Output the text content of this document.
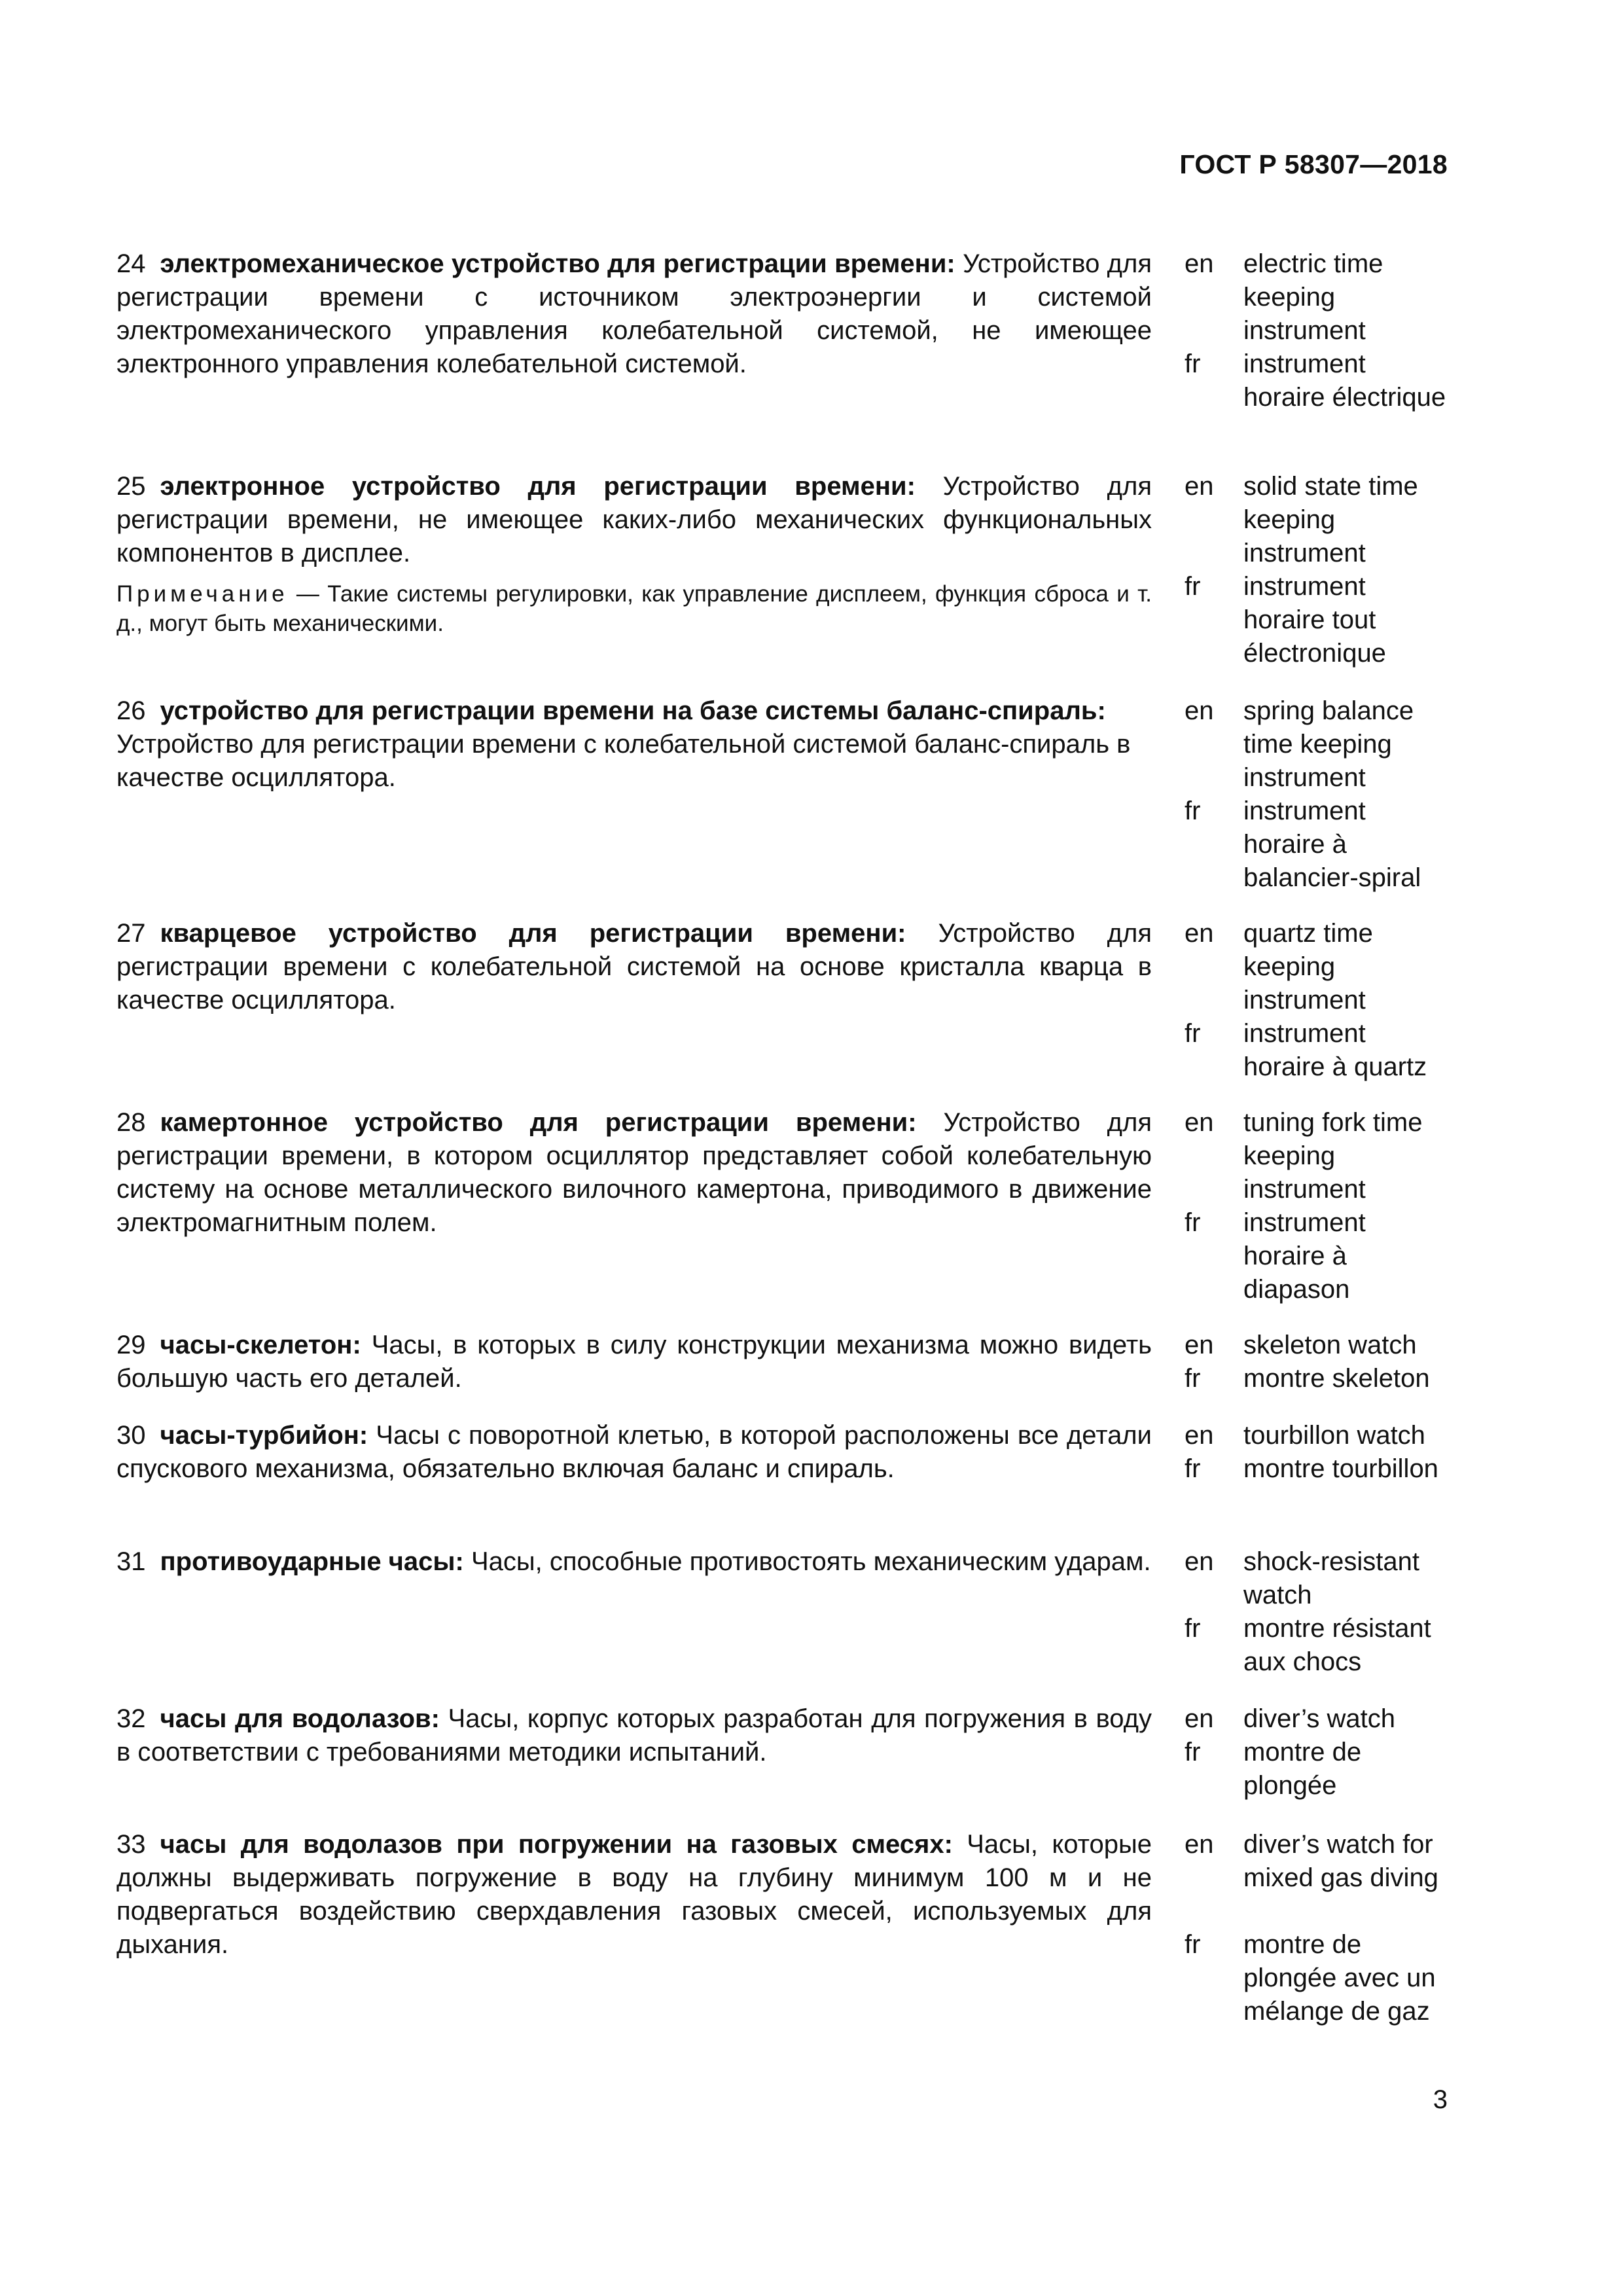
ГОСТ Р 58307—2018
24 электромеханическое устройство для регистрации времени: Устройство для регистрации времени с источником электроэнергии и системой электромеханического управления колебательной системой, не имеющее электронного управления колебательной системой.
en electric time keeping instrument
fr instrument horaire électrique
25 электронное устройство для регистрации времени: Устройство для регистрации времени, не имеющее каких-либо механических функциональных компонентов в дисплее.
Примечание — Такие системы регулировки, как управление дисплеем, функция сброса и т. д., могут быть механическими.
en solid state time keeping instrument
fr instrument horaire tout électronique
26 устройство для регистрации времени на базе системы баланс-спираль: Устройство для регистрации времени с колебательной системой баланс-спираль в качестве осциллятора.
en spring balance time keeping instrument
fr instrument horaire à balancier-spiral
27 кварцевое устройство для регистрации времени: Устройство для регистрации времени с колебательной системой на основе кристалла кварца в качестве осциллятора.
en quartz time keeping instrument
fr instrument horaire à quartz
28 камертонное устройство для регистрации времени: Устройство для регистрации времени, в котором осциллятор представляет собой колебательную систему на основе металлического вилочного камертона, приводимого в движение электромагнитным полем.
en tuning fork time keeping instrument
fr instrument horaire à diapason
29 часы-скелетон: Часы, в которых в силу конструкции механизма можно видеть большую часть его деталей.
en skeleton watch
fr montre skeleton
30 часы-турбийон: Часы с поворотной клетью, в которой расположены все детали спускового механизма, обязательно включая баланс и спираль.
en tourbillon watch
fr montre tourbillon
31 противоударные часы: Часы, способные противостоять механическим ударам. en shock-resistant watch
fr montre résistant aux chocs
32 часы для водолазов: Часы, корпус которых разработан для погружения в воду в соответствии с требованиями методики испытаний.
en diver’s watch
fr montre de plongée
33 часы для водолазов при погружении на газовых смесях: Часы, которые должны выдерживать погружение в воду на глубину минимум 100 м и не подвергаться воздействию сверхдавления газовых смесей, используемых для дыхания.
en diver’s watch for mixed gas diving
fr montre de plongée avec un mélange de gaz
3
